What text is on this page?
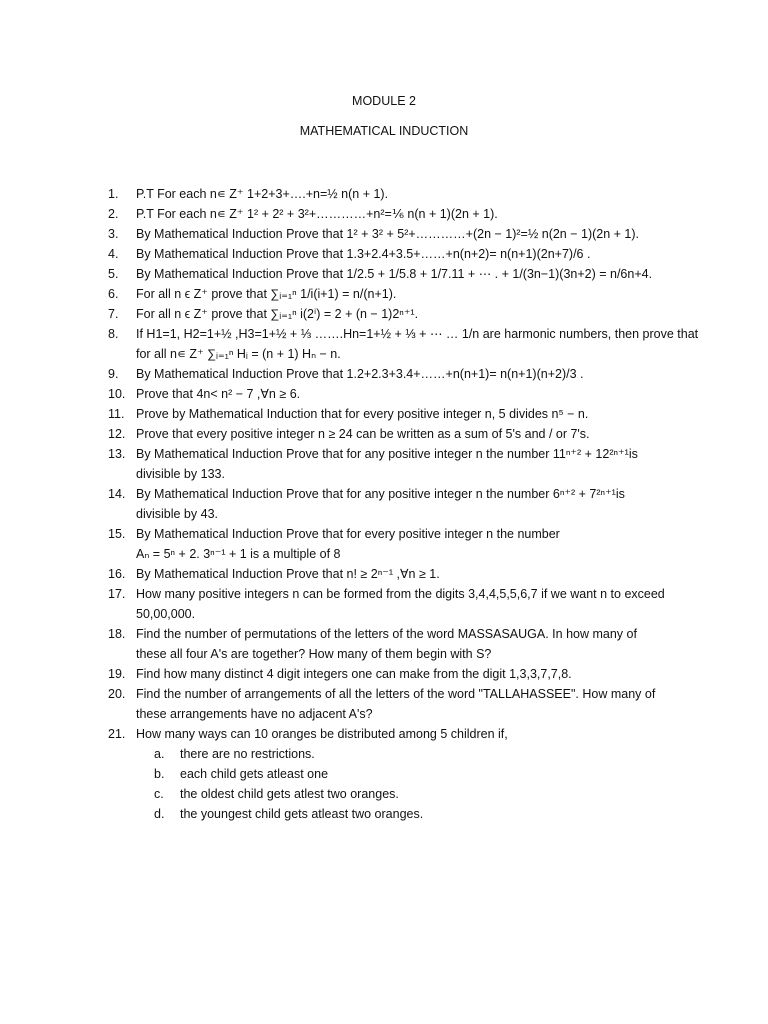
MODULE 2
MATHEMATICAL INDUCTION
1.	P.T For each n∊ Z⁺ 1+2+3+….+n=½ n(n + 1).
2.	P.T For each n∊ Z⁺ 1² + 2² + 3²+…………+n²=⅙ n(n + 1)(2n + 1).
3.	By Mathematical Induction Prove that 1² + 3² + 5²+…………+(2n − 1)²=½ n(2n − 1)(2n + 1).
4.	By Mathematical Induction Prove that 1.3+2.4+3.5+……+n(n+2)= n(n+1)(2n+7)/6 .
5.	By Mathematical Induction Prove that 1/2.5 + 1/5.8 + 1/7.11 + ⋯ . + 1/(3n−1)(3n+2) = n/6n+4.
6.	For all n ϵ Z⁺ prove that ∑ᵢ₌₁ⁿ 1/i(i+1) = n/(n+1).
7.	For all n ϵ Z⁺ prove that ∑ᵢ₌₁ⁿ i(2ⁱ) = 2 + (n − 1)2ⁿ⁺¹.
8.	If H1=1, H2=1+½ ,H3=1+½ + ⅓ …….Hn=1+½ + ⅓ + ⋯ … 1/n are harmonic numbers, then prove that
for all n∊ Z⁺ ∑ᵢ₌₁ⁿ Hᵢ = (n + 1) Hₙ − n.
9.	By Mathematical Induction Prove that 1.2+2.3+3.4+……+n(n+1)= n(n+1)(n+2)/3 .
10. Prove that 4n< n² − 7 ,∀n ≥ 6.
11. Prove by Mathematical Induction that for every positive integer n, 5 divides n⁵ − n.
12. Prove that every positive integer n ≥ 24 can be written as a sum of 5's and / or 7's.
13. By Mathematical Induction Prove that for any positive integer n the number 11ⁿ⁺² + 12²ⁿ⁺¹is
divisible by 133.
14. By Mathematical Induction Prove that for any positive integer n the number 6ⁿ⁺² + 7²ⁿ⁺¹is
divisible by 43.
15. By Mathematical Induction Prove that for every positive integer n the number
Aₙ = 5ⁿ + 2. 3ⁿ⁻¹ + 1 is a multiple of 8
16. By Mathematical Induction Prove that n! ≥ 2ⁿ⁻¹ ,∀n ≥ 1.
17. How many positive integers n can be formed from the digits 3,4,4,5,5,6,7 if we want n to exceed
50,00,000.
18. Find the number of permutations of the letters of the word MASSASAUGA. In how many of
these all four A's are together? How many of them begin with S?
19. Find how many distinct 4 digit integers one can make from the digit 1,3,3,7,7,8.
20. Find the number of arrangements of all the letters of the word "TALLAHASSEE". How many of
these arrangements have no adjacent A's?
21. How many ways can 10 oranges be distributed among 5 children if,
a.	there are no restrictions.
b.	each child gets atleast one
c.	the oldest child gets atlest two oranges.
d.	the youngest child gets atleast two oranges.
